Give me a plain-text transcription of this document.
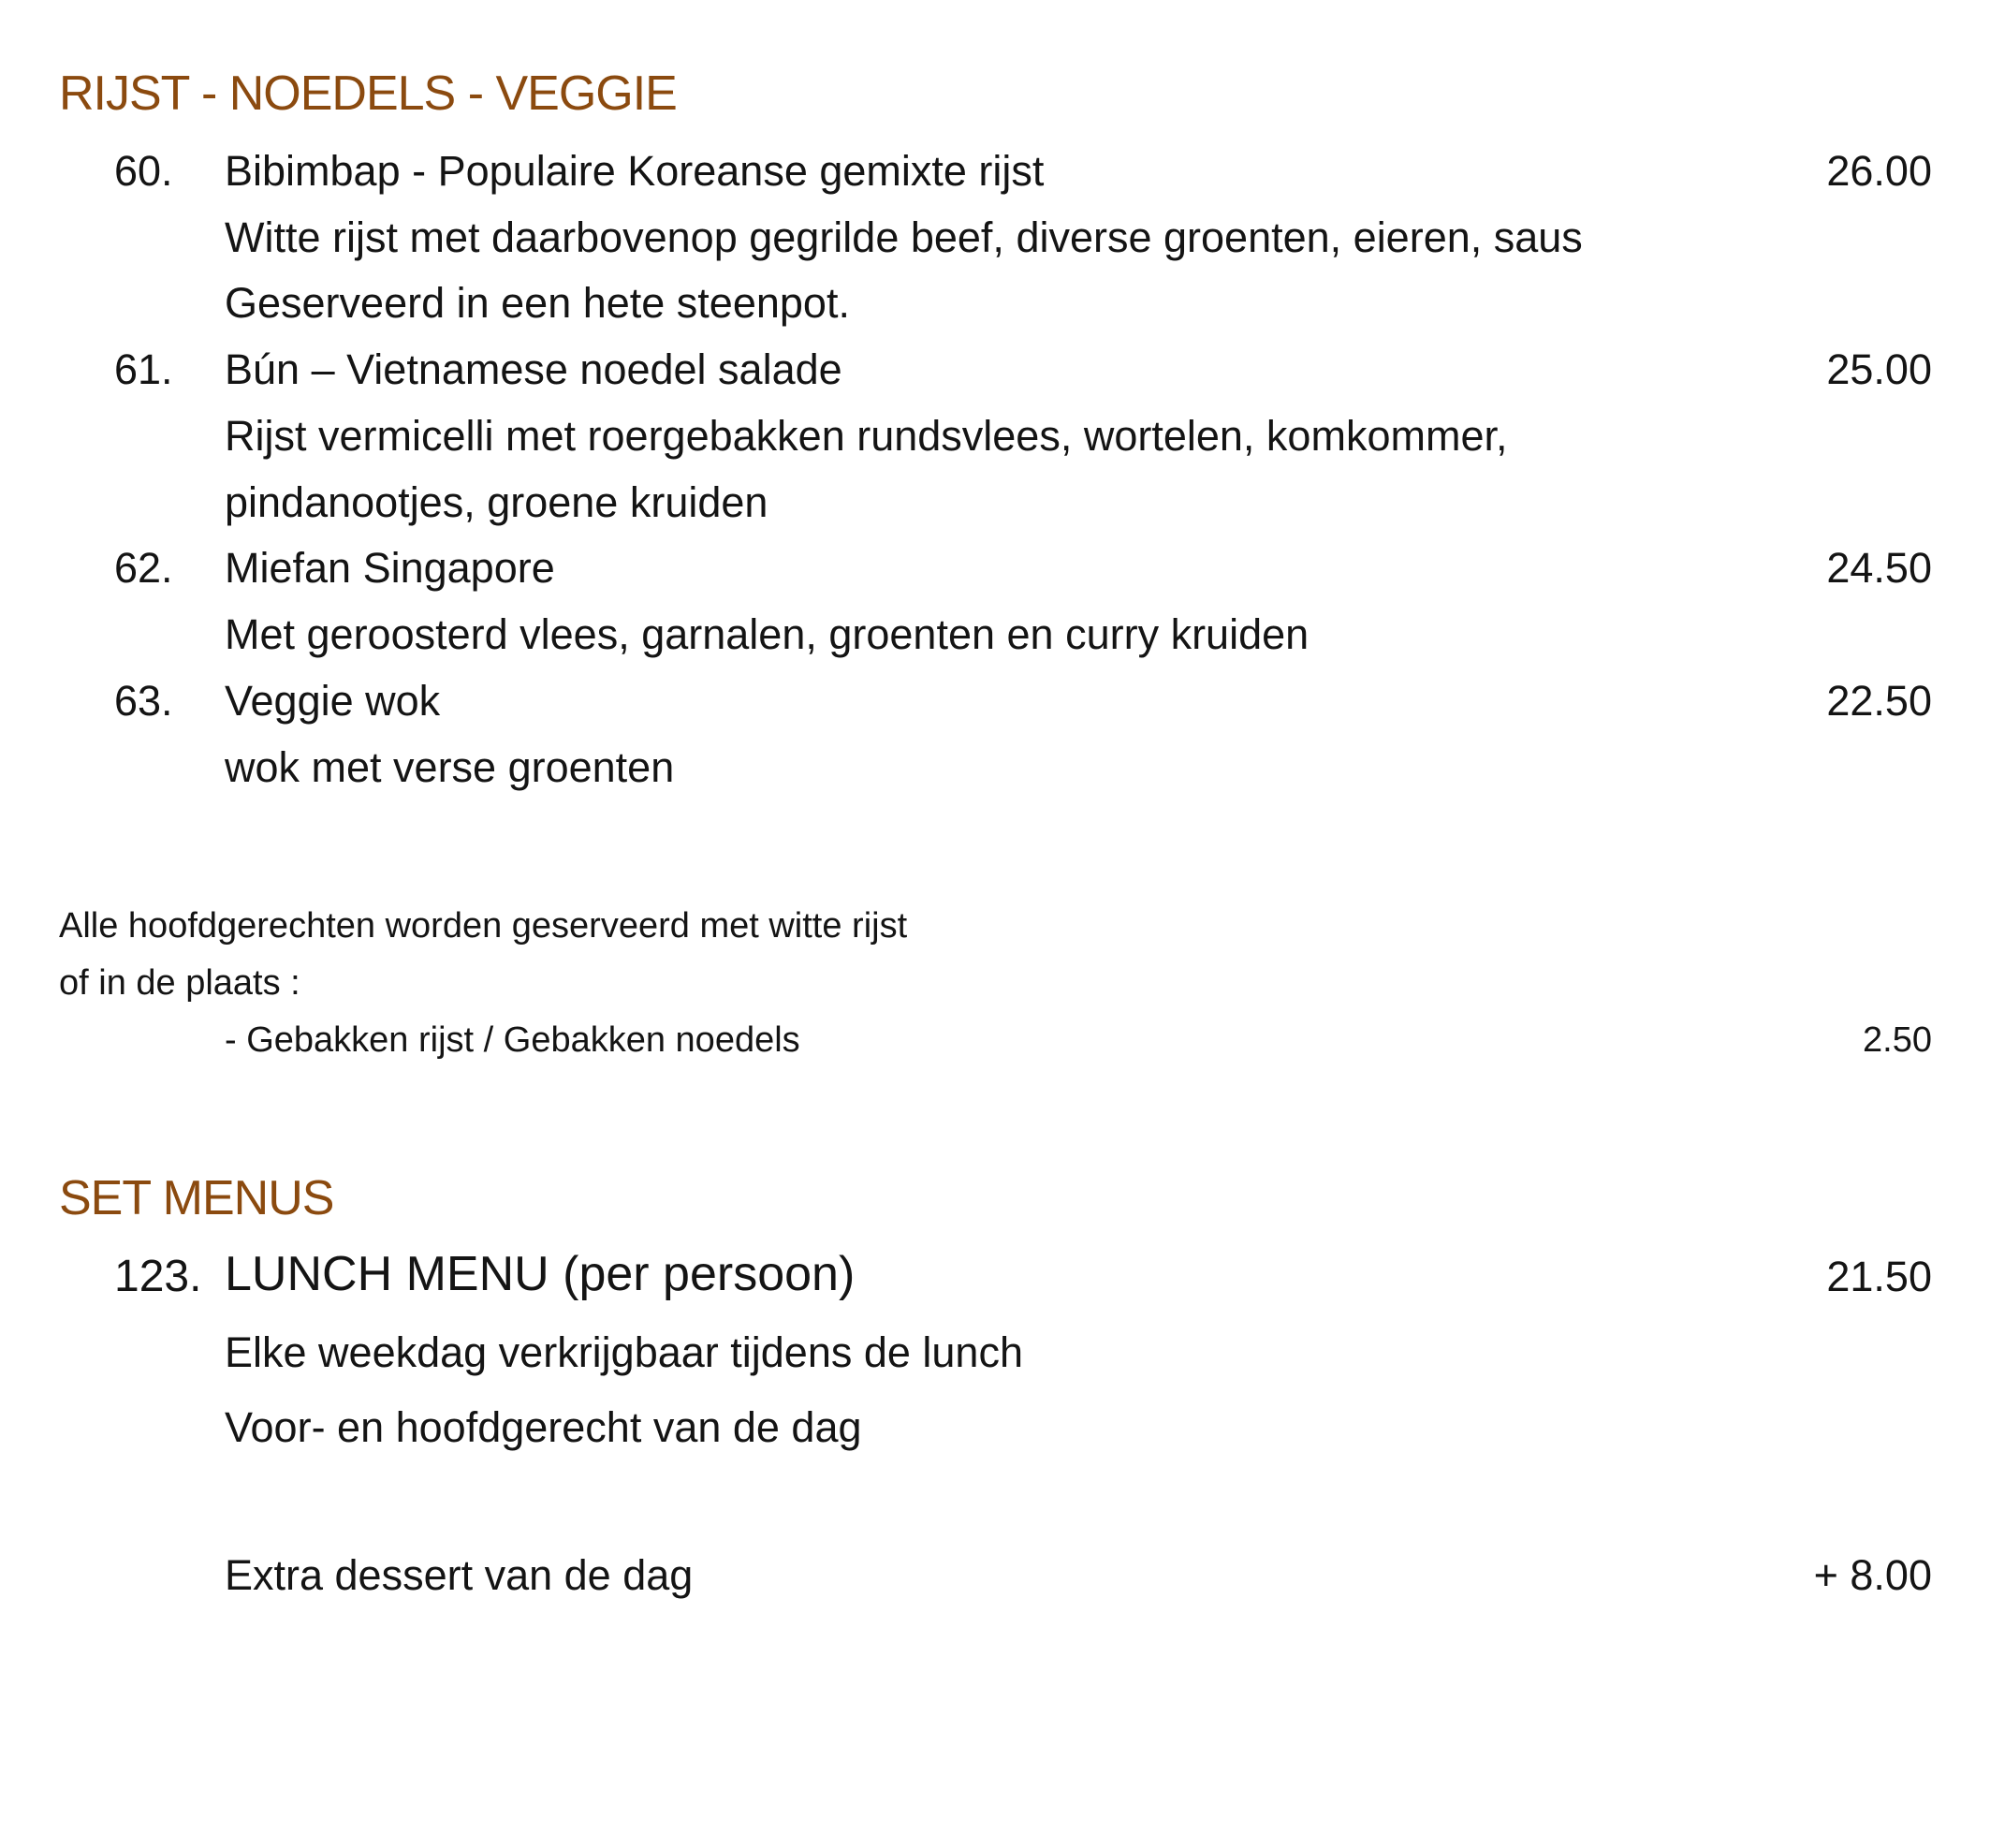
RIJST - NOEDELS - VEGGIE
60. Bibimbap - Populaire Koreanse gemixte rijst	26.00
Witte rijst met daarbovenop gegrilde beef, diverse groenten, eieren, saus
Geserveerd in een hete steenpot.
61. Bún – Vietnamese noedel salade	25.00
Rijst vermicelli met roergebakken rundsvlees, wortelen, komkommer,
pindanootjes, groene kruiden
62. Miefan Singapore	24.50
Met geroosterd vlees, garnalen, groenten en curry kruiden
63. Veggie wok	22.50
wok met verse groenten
Alle hoofdgerechten worden geserveerd met witte rijst
of in de plaats :
- Gebakken rijst / Gebakken noedels	2.50
SET MENUS
123. LUNCH MENU (per persoon)	21.50
Elke weekdag verkrijgbaar tijdens de lunch
Voor- en hoofdgerecht van de dag
Extra dessert van de dag	+ 8.00
